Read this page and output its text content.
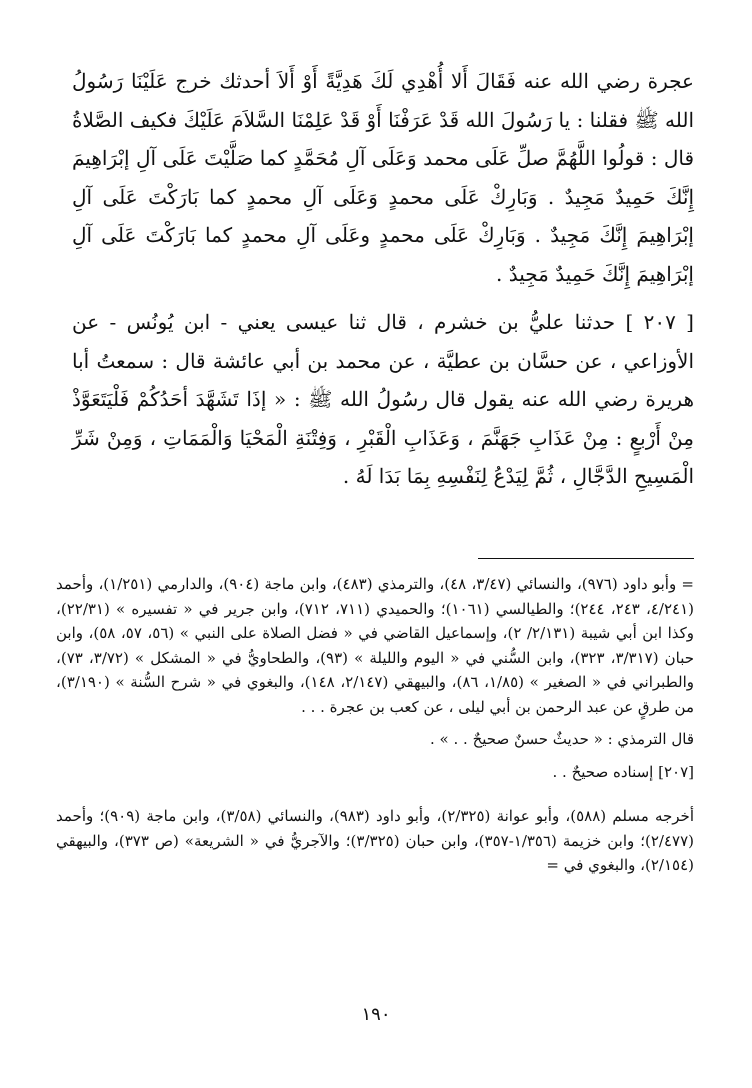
عجرة رضي الله عنه فَقَالَ أَلا أُهْدِي لَكَ هَدِيَّةً أَوْ أَلاَ أحدثك خرج عَلَيْنَا رَسُولُ الله ﷺ فقلنا : يا رَسُولَ الله قَدْ عَرَفْنَا أَوْ قَدْ عَلِمْنَا السَّلاَمَ عَلَيْكَ فكيف الصَّلاةُ قال : قولُوا اللَّهُمَّ صلِّ عَلَى محمد وَعَلَى آلِ مُحَمَّدٍ كما صَلَّيْتَ عَلَى آلِ إبْرَاهِيمَ إِنَّكَ حَمِيدٌ مَجِيدٌ . وَبَارِكْ عَلَى محمدٍ وَعَلَى آلِ محمدٍ كما بَارَكْتَ عَلَى آلِ إبْرَاهِيمَ إِنَّكَ مَجِيدٌ . وَبَارِكْ عَلَى محمدٍ وعَلَى آلِ محمدٍ كما بَارَكْتَ عَلَى آلِ إبْرَاهِيمَ إِنَّكَ حَمِيدٌ مَجِيدٌ .

[ ٢٠٧ ] حدثنا عليُّ بن خشرم ، قال ثنا عيسى يعني - ابن يُونُس - عن الأوزاعي ، عن حسَّان بن عطيَّة ، عن محمد بن أبي عائشة قال : سمعتُ أبا هريرة رضي الله عنه يقول قال رسُولُ الله ﷺ : « إذَا تَشَهَّدَ أحَدُكُمْ فَلْيَتَعَوَّذْ مِنْ أَرْبعٍ : مِنْ عَذَابِ جَهَنَّمَ ، وَعَذَابِ الْقَبْرِ ، وَفِتْنَةِ الْمَحْيَا وَالْمَمَاتِ ، وَمِنْ شَرِّ الْمَسِيحِ الدَّجَّالِ ، ثُمَّ لِيَدْعُ لِنَفْسِهِ بِمَا بَدَا لَهُ .

= وأبو داود (٩٧٦)، والنسائي (٣/٤٧، ٤٨)، والترمذي (٤٨٣)، وابن ماجة (٩٠٤)، والدارمي (١/٢٥١)، وأحمد (٤/٢٤١، ٢٤٣، ٢٤٤)؛ والطيالسي (١٠٦١)؛ والحميدي (٧١١، ٧١٢)، وابن جرير في « تفسيره » (٢٢/٣١)، وكذا ابن أبي شيبة (٢/١٣١/ ٢)، وإسماعيل القاضي في « فضل الصلاة على النبي » (٥٦، ٥٧، ٥٨)، وابن حبان (٣/٣١٧، ٣٢٣)، وابن السُّني في « اليوم والليلة » (٩٣)، والطحاويُّ في « المشكل » (٣/٧٢، ٧٣)، والطبراني في « الصغير » (١/٨٥، ٨٦)، والبيهقي (٢/١٤٧، ١٤٨)، والبغوي في « شرح السُّنة » (٣/١٩٠)، من طرقٍ عن عبد الرحمن بن أبي ليلى ، عن كعب بن عجرة . . .

قال الترمذي : « حديثٌ حسنٌ صحيحٌ . . » .

[٢٠٧] إسناده صحيحٌ . .

أخرجه مسلم (٥٨٨)، وأبو عوانة (٢/٣٢٥)، وأبو داود (٩٨٣)، والنسائي (٣/٥٨)، وابن ماجة (٩٠٩)؛ وأحمد (٢/٤٧٧)؛ وابن خزيمة (١/٣٥٦-٣٥٧)، وابن حبان (٣/٣٢٥)؛ والآجريُّ في « الشريعة» (ص ٣٧٣)، والبيهقي (٢/١٥٤)، والبغوي في =

١٩٠
